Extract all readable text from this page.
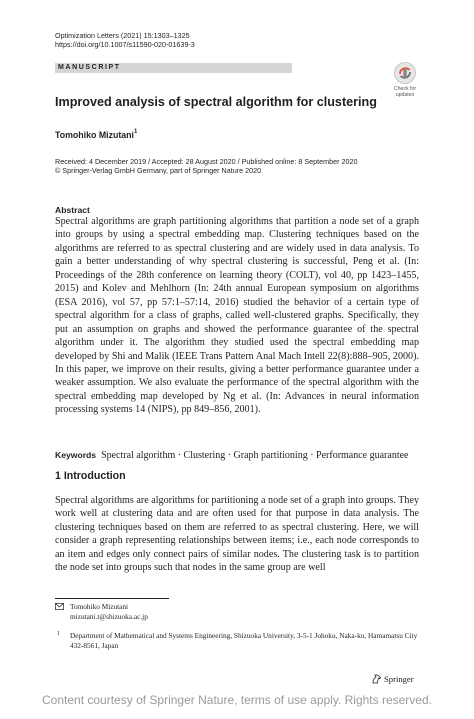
Optimization Letters (2021) 15:1303–1325
https://doi.org/10.1007/s11590-020-01639-3
MANUSCRIPT
Check for
updates
Improved analysis of spectral algorithm for clustering
Tomohiko Mizutani$^1$
Received: 4 December 2019 / Accepted: 28 August 2020 / Published online: 8 September 2020
© Springer-Verlag GmbH Germany, part of Springer Nature 2020
Abstract

Spectral algorithms are graph partitioning algorithms that partition a node set of a graph into groups by using a spectral embedding map. Clustering techniques based on the algorithms are referred to as spectral clustering and are widely used in data analysis. To gain a better understanding of why spectral clustering is successful, Peng et al. (In: Proceedings of the 28th conference on learning theory (COLT), vol 40, pp 1423–1455, 2015) and Kolev and Mehlhorn (In: 24th annual European symposium on algorithms (ESA 2016), vol 57, pp 57:1–57:14, 2016) studied the behavior of a certain type of spectral algorithm for a class of graphs, called well-clustered graphs. Specifically, they put an assumption on graphs and showed the performance guarantee of the spectral algorithm under it. The algorithm they studied used the spectral embedding map developed by Shi and Malik (IEEE Trans Pattern Anal Mach Intell 22(8):888–905, 2000). In this paper, we improve on their results, giving a better performance guarantee under a weaker assumption. We also evaluate the performance of the spectral algorithm with the spectral embedding map developed by Ng et al. (In: Advances in neural information processing systems 14 (NIPS), pp 849–856, 2001).

Keywords Spectral algorithm · Clustering · Graph partitioning · Performance guarantee

1 Introduction

Spectral algorithms are algorithms for partitioning a node set of a graph into groups. They work well at clustering data and are often used for that purpose in data analysis. The clustering techniques based on them are referred to as spectral clustering. Here, we will consider a graph representing relationships between items; i.e., each node corresponds to an item and edges only connect pairs of similar nodes. The clustering task is to partition the node set into groups such that nodes in the same group are well

Tomohiko Mizutani
mizutani.t@shizuoka.ac.jp
1 Department of Mathematical and Systems Engineering, Shizuoka University, 3-5-1 Johoku, Naka-ku, Hamamatsu City 432-8561, Japan
Springer
Content courtesy of Springer Nature, terms of use apply. Rights reserved.
